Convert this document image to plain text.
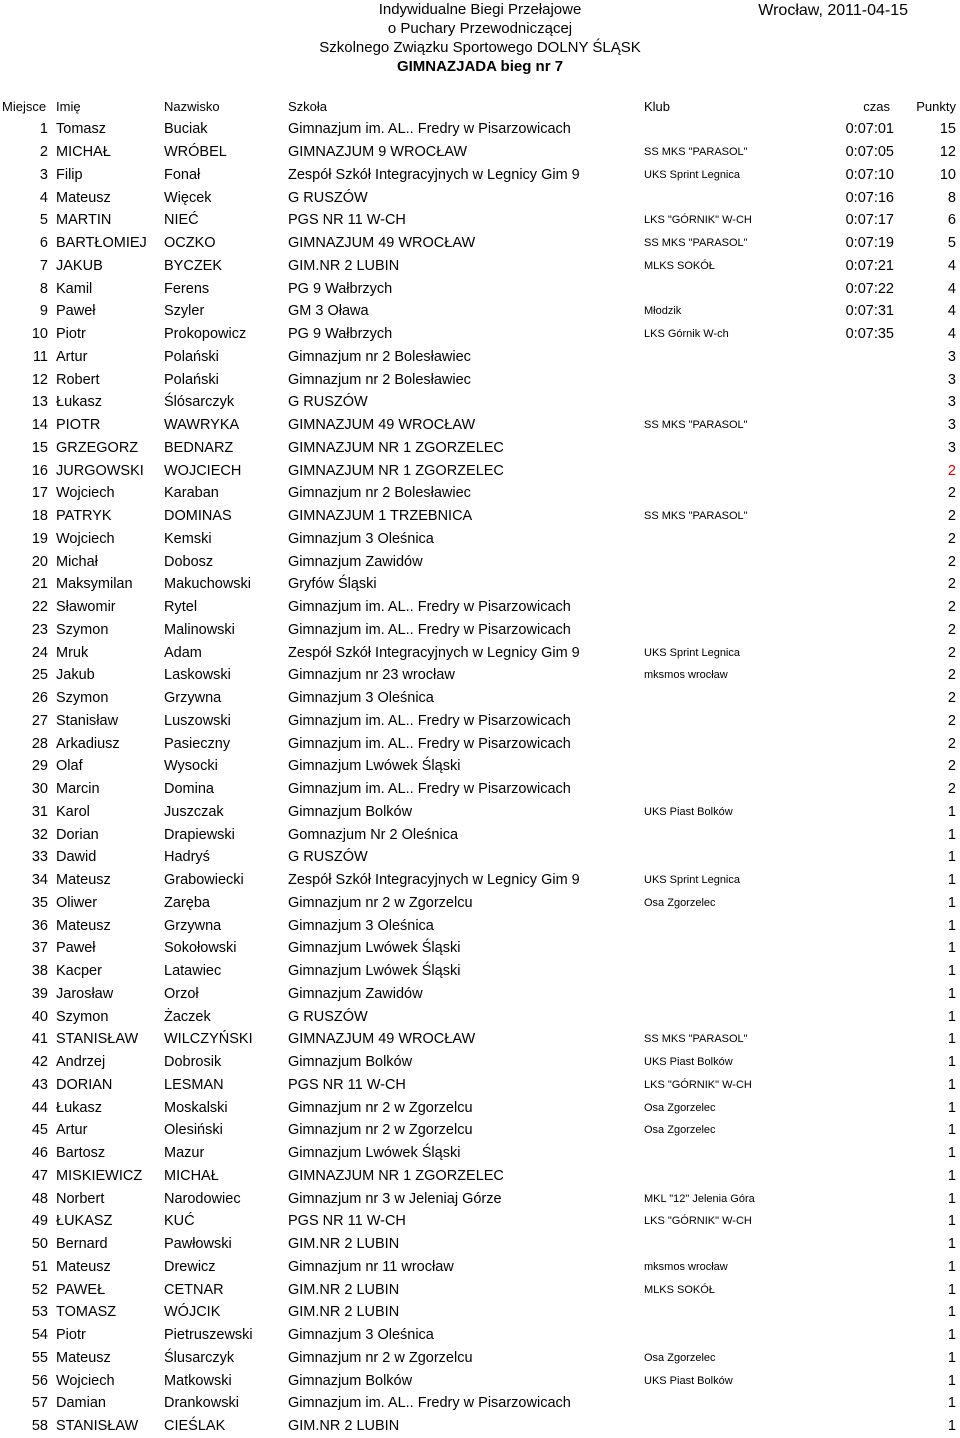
Indywidualne Biegi Przełajowe
o Puchary Przewodniczącej
Szkolnego Związku Sportowego DOLNY ŚLĄSK
GIMNAZJADA bieg nr 7
Wrocław, 2011-04-15
Miejsce	Imię	Nazwisko	Szkoła	Klub	czas	Punkty
1	Tomasz	Buciak	Gimnazjum im. AL.. Fredry w Pisarzowicach		0:07:01	15
2	MICHAŁ	WRÓBEL	GIMNAZJUM 9 WROCŁAW	SS MKS "PARASOL"	0:07:05	12
3	Filip	Fonał	Zespół Szkół Integracyjnych w Legnicy Gim 9	UKS Sprint Legnica	0:07:10	10
4	Mateusz	Więcek	G RUSZÓW		0:07:16	8
5	MARTIN	NIEĆ	PGS NR 11 W-CH	LKS "GÓRNIK" W-CH	0:07:17	6
6	BARTŁOMIEJ	OCZKO	GIMNAZJUM 49 WROCŁAW	SS MKS "PARASOL"	0:07:19	5
7	JAKUB	BYCZEK	GIM.NR 2 LUBIN	MLKS SOKÓŁ	0:07:21	4
8	Kamil	Ferens	PG 9 Wałbrzych		0:07:22	4
9	Paweł	Szyler	GM 3 Oława	Młodzik	0:07:31	4
10	Piotr	Prokopowicz	PG 9 Wałbrzych	LKS Górnik W-ch	0:07:35	4
11	Artur	Polański	Gimnazjum nr 2 Bolesławiec			3
12	Robert	Polański	Gimnazjum nr 2 Bolesławiec			3
13	Łukasz	Ślósarczyk	G RUSZÓW			3
14	PIOTR	WAWRYKA	GIMNAZJUM 49 WROCŁAW	SS MKS "PARASOL"		3
15	GRZEGORZ	BEDNARZ	GIMNAZJUM NR 1 ZGORZELEC			3
16	JURGOWSKI	WOJCIECH	GIMNAZJUM NR 1 ZGORZELEC			2
17	Wojciech	Karaban	Gimnazjum nr 2 Bolesławiec			2
18	PATRYK	DOMINAS	GIMNAZJUM 1 TRZEBNICA	SS MKS "PARASOL"		2
19	Wojciech	Kemski	Gimnazjum 3 Oleśnica			2
20	Michał	Dobosz	Gimnazjum Zawidów			2
21	Maksymilan	Makuchowski	Gryfów Śląski			2
22	Sławomir	Rytel	Gimnazjum im. AL.. Fredry w Pisarzowicach			2
23	Szymon	Malinowski	Gimnazjum im. AL.. Fredry w Pisarzowicach			2
24	Mruk	Adam	Zespół Szkół Integracyjnych w Legnicy Gim 9	UKS Sprint Legnica		2
25	Jakub	Laskowski	Gimnazjum nr 23 wrocław	mksmos wrocław		2
26	Szymon	Grzywna	Gimnazjum 3 Oleśnica			2
27	Stanisław	Luszowski	Gimnazjum im. AL.. Fredry w Pisarzowicach			2
28	Arkadiusz	Pasieczny	Gimnazjum im. AL.. Fredry w Pisarzowicach			2
29	Olaf	Wysocki	Gimnazjum Lwówek Śląski			2
30	Marcin	Domina	Gimnazjum im. AL.. Fredry w Pisarzowicach			2
31	Karol	Juszczak	Gimnazjum Bolków	UKS Piast Bolków		1
32	Dorian	Drapiewski	Gomnazjum Nr 2 Oleśnica			1
33	Dawid	Hadryś	G RUSZÓW			1
34	Mateusz	Grabowiecki	Zespół Szkół Integracyjnych w Legnicy Gim 9	UKS Sprint Legnica		1
35	Oliwer	Zaręba	Gimnazjum nr 2 w Zgorzelcu	Osa Zgorzelec		1
36	Mateusz	Grzywna	Gimnazjum 3 Oleśnica			1
37	Paweł	Sokołowski	Gimnazjum Lwówek Śląski			1
38	Kacper	Latawiec	Gimnazjum Lwówek Śląski			1
39	Jarosław	Orzoł	Gimnazjum Zawidów			1
40	Szymon	Żaczek	G RUSZÓW			1
41	STANISŁAW	WILCZYŃSKI	GIMNAZJUM 49 WROCŁAW	SS MKS "PARASOL"		1
42	Andrzej	Dobrosik	Gimnazjum Bolków	UKS Piast Bolków		1
43	DORIAN	LESMAN	PGS NR 11 W-CH	LKS "GÓRNIK" W-CH		1
44	Łukasz	Moskalski	Gimnazjum nr 2 w Zgorzelcu	Osa Zgorzelec		1
45	Artur	Olesiński	Gimnazjum nr 2 w Zgorzelcu	Osa Zgorzelec		1
46	Bartosz	Mazur	Gimnazjum Lwówek Śląski			1
47	MISKIEWICZ	MICHAŁ	GIMNAZJUM NR 1 ZGORZELEC			1
48	Norbert	Narodowiec	Gimnazjum nr 3 w Jeleniaj Górze	MKL "12" Jelenia Góra		1
49	ŁUKASZ	KUĆ	PGS NR 11 W-CH	LKS "GÓRNIK" W-CH		1
50	Bernard	Pawłowski	GIM.NR 2 LUBIN			1
51	Mateusz	Drewicz	Gimnazjum nr 11 wrocław	mksmos wrocław		1
52	PAWEŁ	CETNAR	GIM.NR 2 LUBIN	MLKS SOKÓŁ		1
53	TOMASZ	WÓJCIK	GIM.NR 2 LUBIN			1
54	Piotr	Pietruszewski	Gimnazjum 3 Oleśnica			1
55	Mateusz	Ślusarczyk	Gimnazjum nr 2 w Zgorzelcu	Osa Zgorzelec		1
56	Wojciech	Matkowski	Gimnazjum Bolków	UKS Piast Bolków		1
57	Damian	Drankowski	Gimnazjum im. AL.. Fredry w Pisarzowicach			1
58	STANISŁAW	CIEŚLAK	GIM.NR 2 LUBIN			1
